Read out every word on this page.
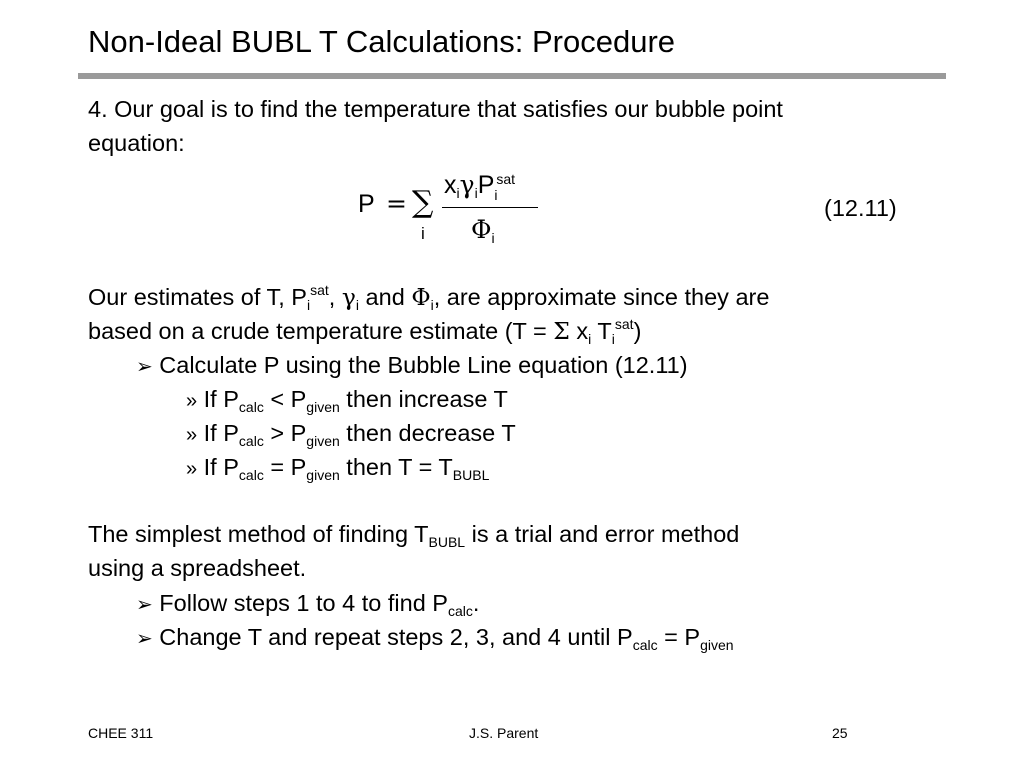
Non-Ideal BUBL T Calculations: Procedure
4. Our goal is to find the temperature that satisfies our bubble point
equation:
P = ∑
i
$x_i\gamma_iP$ i
sat
$\Phi_i$
(12.11)
Our estimates of T, $P_i^{sat}$, $\gamma_i$ and $\Phi_i$, are approximate since they are
based on a crude temperature estimate (T = Σ $x_i$ $T_i^{sat}$)
➢ Calculate P using the Bubble Line equation (12.11)
» If $P_{calc} < P_{given}$ then increase T
» If $P_{calc} > P_{given}$ then decrease T
» If $P_{calc} = P_{given}$ then $T = T_{BUBL}$
The simplest method of finding $T_{BUBL}$ is a trial and error method
using a spreadsheet.
➢ Follow steps 1 to 4 to find $P_{calc}$.
➢ Change T and repeat steps 2, 3, and 4 until $P_{calc} = P_{given}$
CHEE 311	J.S. Parent	25
